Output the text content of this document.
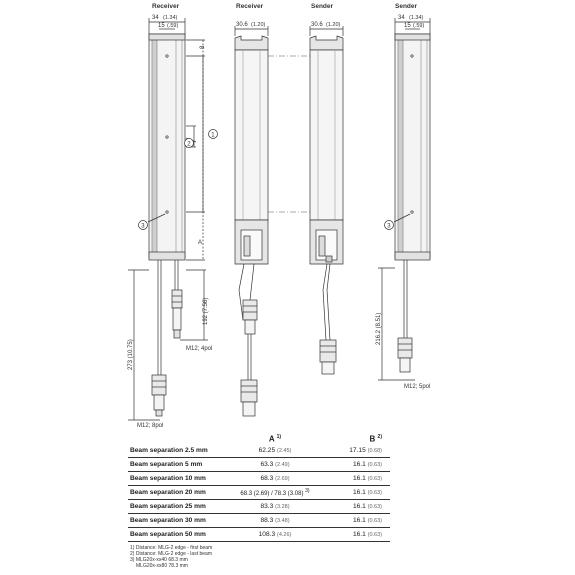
Receiver	Receiver	Sender	Sender
34 (1.34)
15 (.59)
8
A
192 (7.56)
273 (10.75)	M12; 4pol
M12; 8pol
1
2
3
30.6 (1.20)	30.6 (1.20)
34 (1.34)
15 (.59)
216.2 (8.51)
M12; 5pol
3
	A $^{1)}$	B $^{2)}$
Beam separation 2.5 mm	62.25 (2.45)	17.15 (0.68)
Beam separation 5 mm	63.3 (2.49)	16.1 (0.63)
Beam separation 10 mm	68.3 (2.69)	16.1 (0.63)
Beam separation 20 mm	68.3 (2.69) / 78.3 (3.08) $^{3)}$	16.1 (0.63)
Beam separation 25 mm	83.3 (3.28)	16.1 (0.63)
Beam separation 30 mm	88.3 (3.48)	16.1 (0.63)
Beam separation 50 mm	108.3 (4.26)	16.1 (0.63)
1) Distance: MLG-2 edge - first beam
2) Distance: MLG-2 edge - last beam
3) MLG20x-xx40 68.3 mm
MLG20x-xx80 78.3 mm
